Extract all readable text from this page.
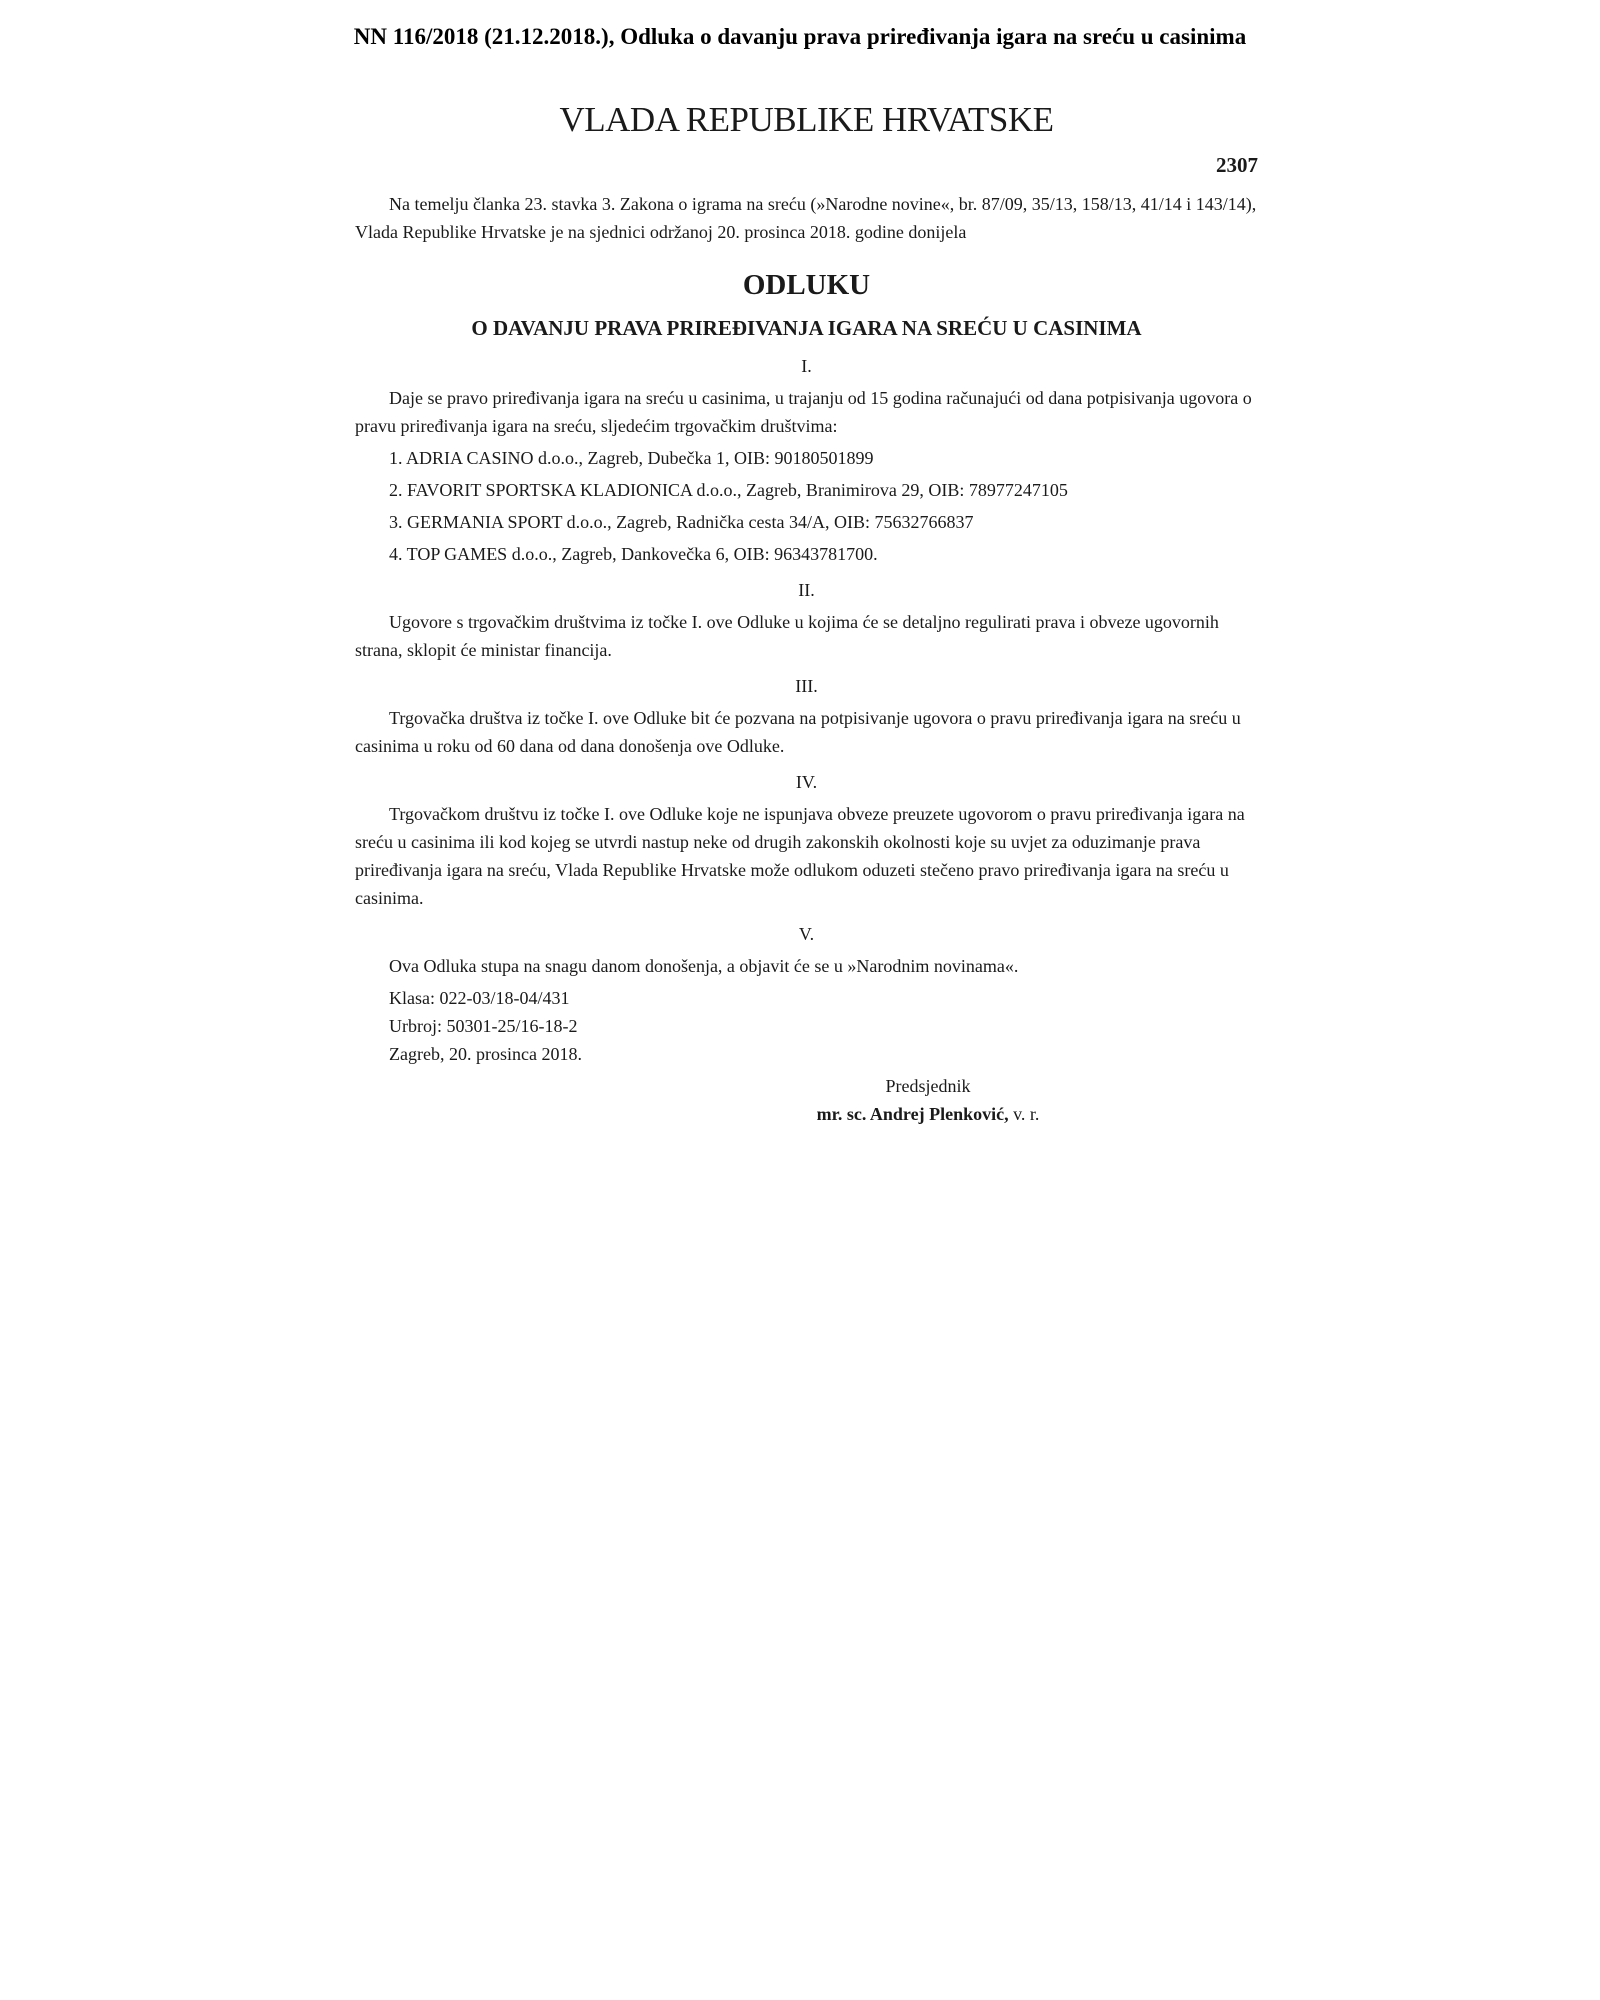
NN 116/2018 (21.12.2018.), Odluka o davanju prava priređivanja igara na sreću u casinima
VLADA REPUBLIKE HRVATSKE
2307

Na temelju članka 23. stavka 3. Zakona o igrama na sreću (»Narodne novine«, br. 87/09, 35/13, 158/13, 41/14 i 143/14), Vlada Republike Hrvatske je na sjednici održanoj 20. prosinca 2018. godine donijela

ODLUKU
O DAVANJU PRAVA PRIREĐIVANJA IGARA NA SREĆU U CASINIMA
I.

Daje se pravo priređivanja igara na sreću u casinima, u trajanju od 15 godina računajući od dana potpisivanja ugovora o pravu priređivanja igara na sreću, sljedećim trgovačkim društvima:

1. ADRIA CASINO d.o.o., Zagreb, Dubečka 1, OIB: 90180501899
2. FAVORIT SPORTSKA KLADIONICA d.o.o., Zagreb, Branimirova 29, OIB: 78977247105
3. GERMANIA SPORT d.o.o., Zagreb, Radnička cesta 34/A, OIB: 75632766837
4. TOP GAMES d.o.o., Zagreb, Dankovečka 6, OIB: 96343781700.
II.

Ugovore s trgovačkim društvima iz točke I. ove Odluke u kojima će se detaljno regulirati prava i obveze ugovornih strana, sklopit će ministar financija.

III.

Trgovačka društva iz točke I. ove Odluke bit će pozvana na potpisivanje ugovora o pravu priređivanja igara na sreću u casinima u roku od 60 dana od dana donošenja ove Odluke.

IV.

Trgovačkom društvu iz točke I. ove Odluke koje ne ispunjava obveze preuzete ugovorom o pravu priređivanja igara na sreću u casinima ili kod kojeg se utvrdi nastup neke od drugih zakonskih okolnosti koje su uvjet za oduzimanje prava priređivanja igara na sreću, Vlada Republike Hrvatske može odlukom oduzeti stečeno pravo priređivanja igara na sreću u casinima.

V.

Ova Odluka stupa na snagu danom donošenja, a objavit će se u »Narodnim novinama«.

Klasa: 022-03/18-04/431
Urbroj: 50301-25/16-18-2
Zagreb, 20. prosinca 2018.
Predsjednik
mr. sc. Andrej Plenković, v. r.
